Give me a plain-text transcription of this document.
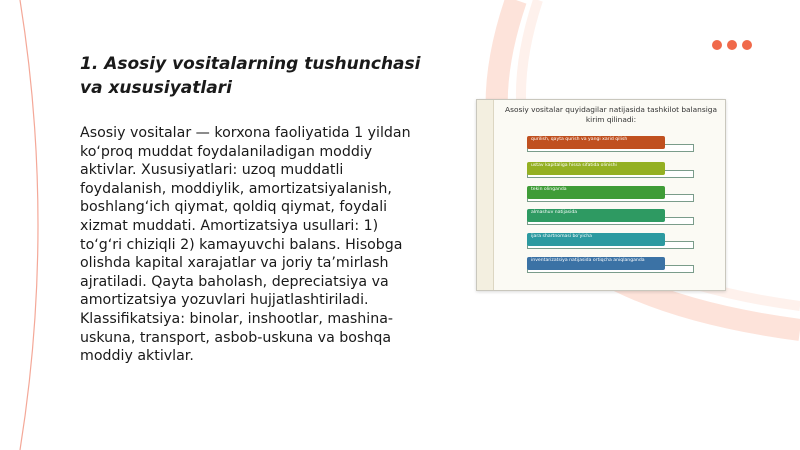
1. Asosiy vositalarning tushunchasi va xususiyatlari

Asosiy vositalar — korxona faoliyatida 1 yildan ko‘proq muddat foydalaniladigan moddiy aktivlar. Xususiyatlari: uzoq muddatli foydalanish, moddiylik, amortizatsiyalanish, boshlang‘ich qiymat, qoldiq qiymat, foydali xizmat muddati. Amortizatsiya usullari: 1) to‘g‘ri chiziqli 2) kamayuvchi balans. Hisobga olishda kapital xarajatlar va joriy ta’mirlash ajratiladi. Qayta baholash, depreciatsiya va amortizatsiya yozuvlari hujjatlashtiriladi. Klassifikatsiya: binolar, inshootlar, mashina-uskuna, transport, asbob-uskuna va boshqa moddiy aktivlar.

Asosiy vositalar quyidagilar natijasida tashkilot balansiga kirim qilinadi:
qurilish, qayta qurish va yangi xarid qilish
ustav kapitaliga hissa sifatida olinishi
tekin olinganda
almashuv natijasida
ijara shartnomasi bo‘yicha
inventarizatsiya natijasida ortiqcha aniqlanganda
